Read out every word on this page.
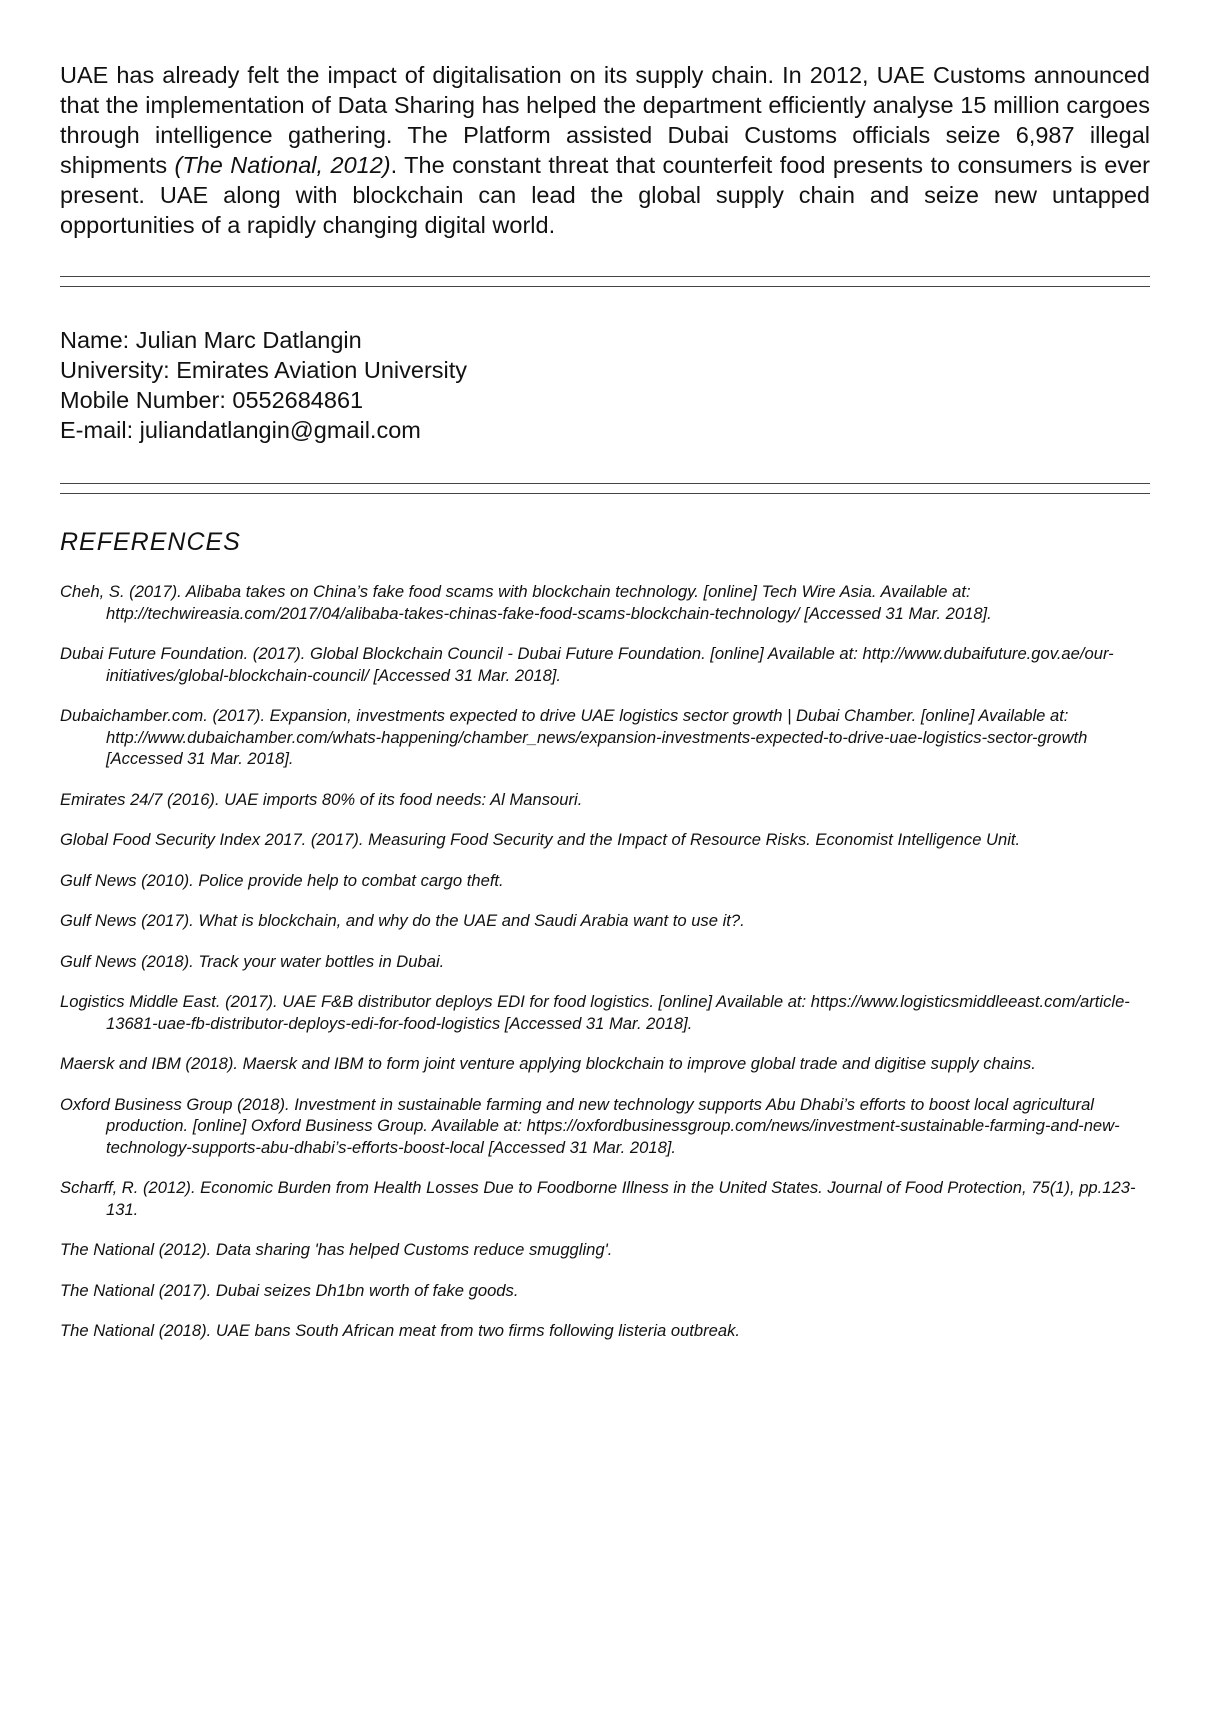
UAE has already felt the impact of digitalisation on its supply chain. In 2012, UAE Customs announced that the implementation of Data Sharing has helped the department efficiently analyse 15 million cargoes through intelligence gathering. The Platform assisted Dubai Customs officials seize 6,987 illegal shipments (The National, 2012). The constant threat that counterfeit food presents to consumers is ever present. UAE along with blockchain can lead the global supply chain and seize new untapped opportunities of a rapidly changing digital world.

Name: Julian Marc Datlangin
University: Emirates Aviation University
Mobile Number: 0552684861
E-mail: juliandatlangin@gmail.com
REFERENCES

Cheh, S. (2017). Alibaba takes on China’s fake food scams with blockchain technology. [online] Tech Wire Asia. Available at: http://techwireasia.com/2017/04/alibaba-takes-chinas-fake-food-scams-blockchain-technology/ [Accessed 31 Mar. 2018].

Dubai Future Foundation. (2017). Global Blockchain Council - Dubai Future Foundation. [online] Available at: http://www.dubaifuture.gov.ae/our-initiatives/global-blockchain-council/ [Accessed 31 Mar. 2018].

Dubaichamber.com. (2017). Expansion, investments expected to drive UAE logistics sector growth | Dubai Chamber. [online] Available at: http://www.dubaichamber.com/whats-happening/chamber_news/expansion-investments-expected-to-drive-uae-logistics-sector-growth [Accessed 31 Mar. 2018].

Emirates 24/7 (2016). UAE imports 80% of its food needs: Al Mansouri.

Global Food Security Index 2017. (2017). Measuring Food Security and the Impact of Resource Risks. Economist Intelligence Unit.

Gulf News (2010). Police provide help to combat cargo theft.

Gulf News (2017). What is blockchain, and why do the UAE and Saudi Arabia want to use it?.

Gulf News (2018). Track your water bottles in Dubai.

Logistics Middle East. (2017). UAE F&B distributor deploys EDI for food logistics. [online] Available at: https://www.logisticsmiddleeast.com/article-13681-uae-fb-distributor-deploys-edi-for-food-logistics [Accessed 31 Mar. 2018].

Maersk and IBM (2018). Maersk and IBM to form joint venture applying blockchain to improve global trade and digitise supply chains.

Oxford Business Group (2018). Investment in sustainable farming and new technology supports Abu Dhabi’s efforts to boost local agricultural production. [online] Oxford Business Group. Available at: https://oxfordbusinessgroup.com/news/investment-sustainable-farming-and-new-technology-supports-abu-dhabi’s-efforts-boost-local [Accessed 31 Mar. 2018].

Scharff, R. (2012). Economic Burden from Health Losses Due to Foodborne Illness in the United States. Journal of Food Protection, 75(1), pp.123-131.

The National (2012). Data sharing 'has helped Customs reduce smuggling'.

The National (2017). Dubai seizes Dh1bn worth of fake goods.

The National (2018). UAE bans South African meat from two firms following listeria outbreak.
